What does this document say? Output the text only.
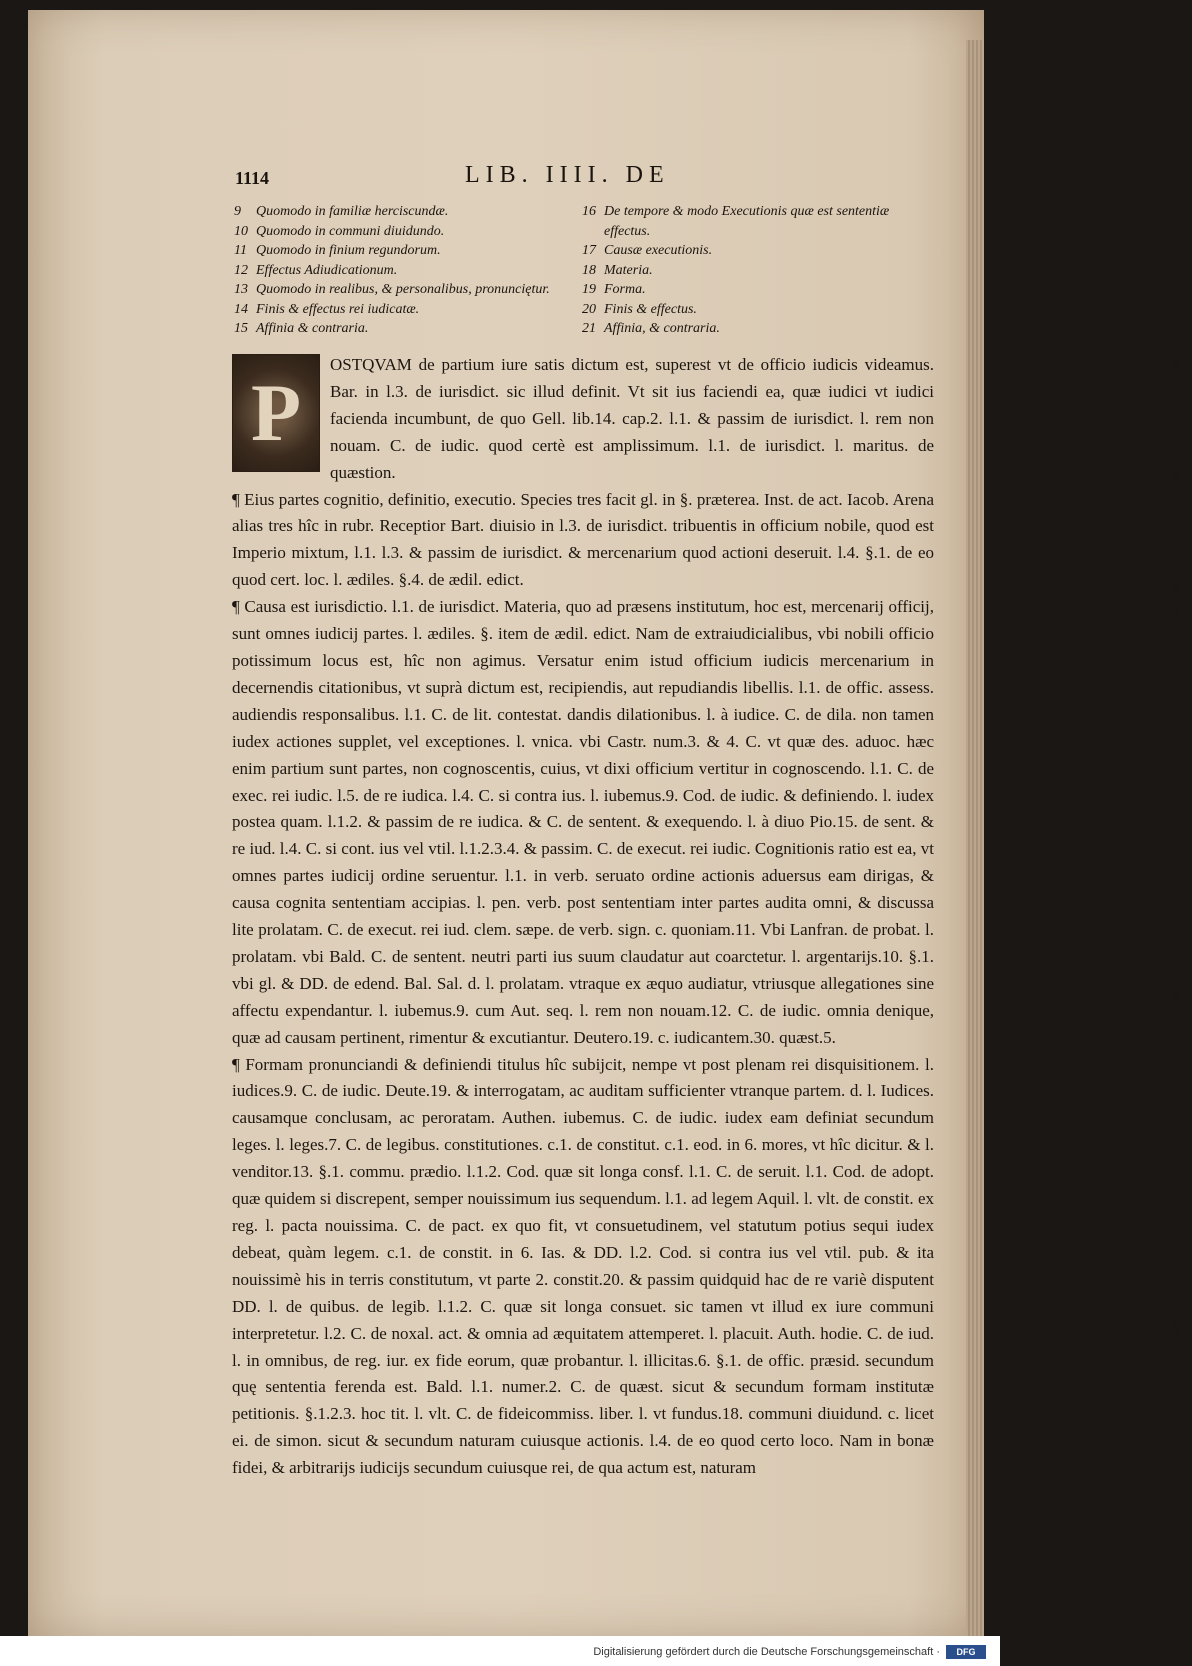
1114	LIB. IIII. DE
9	Quomodo in familiæ herciscundæ.
10 Quomodo in communi diuidundo.
11 Quomodo in finium regundorum.
12 Effectus Adiudicationum.
13 Quomodo in realibus, & personalibus, pronunciętur.
14 Finis & effectus rei iudicatæ.
15 Affinia & contraria.
16 De tempore & modo Executionis quæ est sententiæ effectus.
17 Causæ executionis.
18 Materia.
19 Forma.
20 Finis & effectus.
21 Affinia, & contraria.

P
OSTQVAM de partium iure satis dictum est, superest vt de officio iudicis videamus. Bar. in l.3. de iurisdict. sic illud definit. Vt sit ius faciendi ea, quæ iudici vt iudici facienda incumbunt, de quo Gell. lib.14. cap.2. l.1. & passim de iurisdict. l. rem non nouam. C. de iudic. quod certè est amplissimum. l.1. de iurisdict. l. maritus. de quæstion.

¶ Eius partes cognitio, definitio, executio. Species tres facit gl. in §. præterea. Inst. de act. Iacob. Arena alias tres hîc in rubr. Receptior Bart. diuisio in l.3. de iurisdict. tribuentis in officium nobile, quod est Imperio mixtum, l.1. l.3. & passim de iurisdict. & mercenarium quod actioni deseruit. l.4. §.1. de eo quod cert. loc. l. ædiles. §.4. de ædil. edict.

¶ Causa est iurisdictio. l.1. de iurisdict. Materia, quo ad præsens institutum, hoc est, mercenarij officij, sunt omnes iudicij partes. l. ædiles. §. item de ædil. edict. Nam de extraiudicialibus, vbi nobili officio potissimum locus est, hîc non agimus. Versatur enim istud officium iudicis mercenarium in decernendis citationibus, vt suprà dictum est, recipiendis, aut repudiandis libellis. l.1. de offic. assess. audiendis responsalibus. l.1. C. de lit. contestat. dandis dilationibus. l. à iudice. C. de dila. non tamen iudex actiones supplet, vel exceptiones. l. vnica. vbi Castr. num.3. & 4. C. vt quæ des. aduoc. hæc enim partium sunt partes, non cognoscentis, cuius, vt dixi officium vertitur in cognoscendo. l.1. C. de exec. rei iudic. l.5. de re iudica. l.4. C. si contra ius. l. iubemus.9. Cod. de iudic. & definiendo. l. iudex postea quam. l.1.2. & passim de re iudica. & C. de sentent. & exequendo. l. à diuo Pio.15. de sent. & re iud. l.4. C. si cont. ius vel vtil. l.1.2.3.4. & passim. C. de execut. rei iudic. Cognitionis ratio est ea, vt omnes partes iudicij ordine seruentur. l.1. in verb. seruato ordine actionis aduersus eam dirigas, & causa cognita sententiam accipias. l. pen. verb. post sententiam inter partes audita omni, & discussa lite prolatam. C. de execut. rei iud. clem. sæpe. de verb. sign. c. quoniam.11. Vbi Lanfran. de probat. l. prolatam. vbi Bald. C. de sentent. neutri parti ius suum claudatur aut coarctetur. l. argentarijs.10. §.1. vbi gl. & DD. de edend. Bal. Sal. d. l. prolatam. vtraque ex æquo audiatur, vtriusque allegationes sine affectu expendantur. l. iubemus.9. cum Aut. seq. l. rem non nouam.12. C. de iudic. omnia denique, quæ ad causam pertinent, rimentur & excutiantur. Deutero.19. c. iudicantem.30. quæst.5.

¶ Formam pronunciandi & definiendi titulus hîc subijcit, nempe vt post plenam rei disquisitionem. l. iudices.9. C. de iudic. Deute.19. & interrogatam, ac auditam sufficienter vtranque partem. d. l. Iudices. causamque conclusam, ac peroratam. Authen. iubemus. C. de iudic. iudex eam definiat secundum leges. l. leges.7. C. de legibus. constitutiones. c.1. de constitut. c.1. eod. in 6. mores, vt hîc dicitur. & l. venditor.13. §.1. commu. prædio. l.1.2. Cod. quæ sit longa consf. l.1. C. de seruit. l.1. Cod. de adopt. quæ quidem si discrepent, semper nouissimum ius sequendum. l.1. ad legem Aquil. l. vlt. de constit. ex reg. l. pacta nouissima. C. de pact. ex quo fit, vt consuetudinem, vel statutum potius sequi iudex debeat, quàm legem. c.1. de constit. in 6. Ias. & DD. l.2. Cod. si contra ius vel vtil. pub. & ita nouissimè his in terris constitutum, vt parte 2. constit.20. & passim quidquid hac de re variè disputent DD. l. de quibus. de legib. l.1.2. C. quæ sit longa consuet. sic tamen vt illud ex iure communi interpretetur. l.2. C. de noxal. act. & omnia ad æquitatem attemperet. l. placuit. Auth. hodie. C. de iud. l. in omnibus, de reg. iur. ex fide eorum, quæ probantur. l. illicitas.6. §.1. de offic. præsid. secundum quę sententia ferenda est. Bald. l.1. numer.2. C. de quæst. sicut & secundum formam institutæ petitionis. §.1.2.3. hoc tit. l. vlt. C. de fideicommiss. liber. l. vt fundus.18. communi diuidund. c. licet ei. de simon. sicut & secundum naturam cuiusque actionis. l.4. de eo quod certo loco. Nam in bonæ fidei, & arbitrarijs iudicijs secundum cuiusque rei, de qua actum est, naturam

1
2
3
4
5
6
Digitalisierung gefördert durch die Deutsche Forschungsgemeinschaft ·	DFG
